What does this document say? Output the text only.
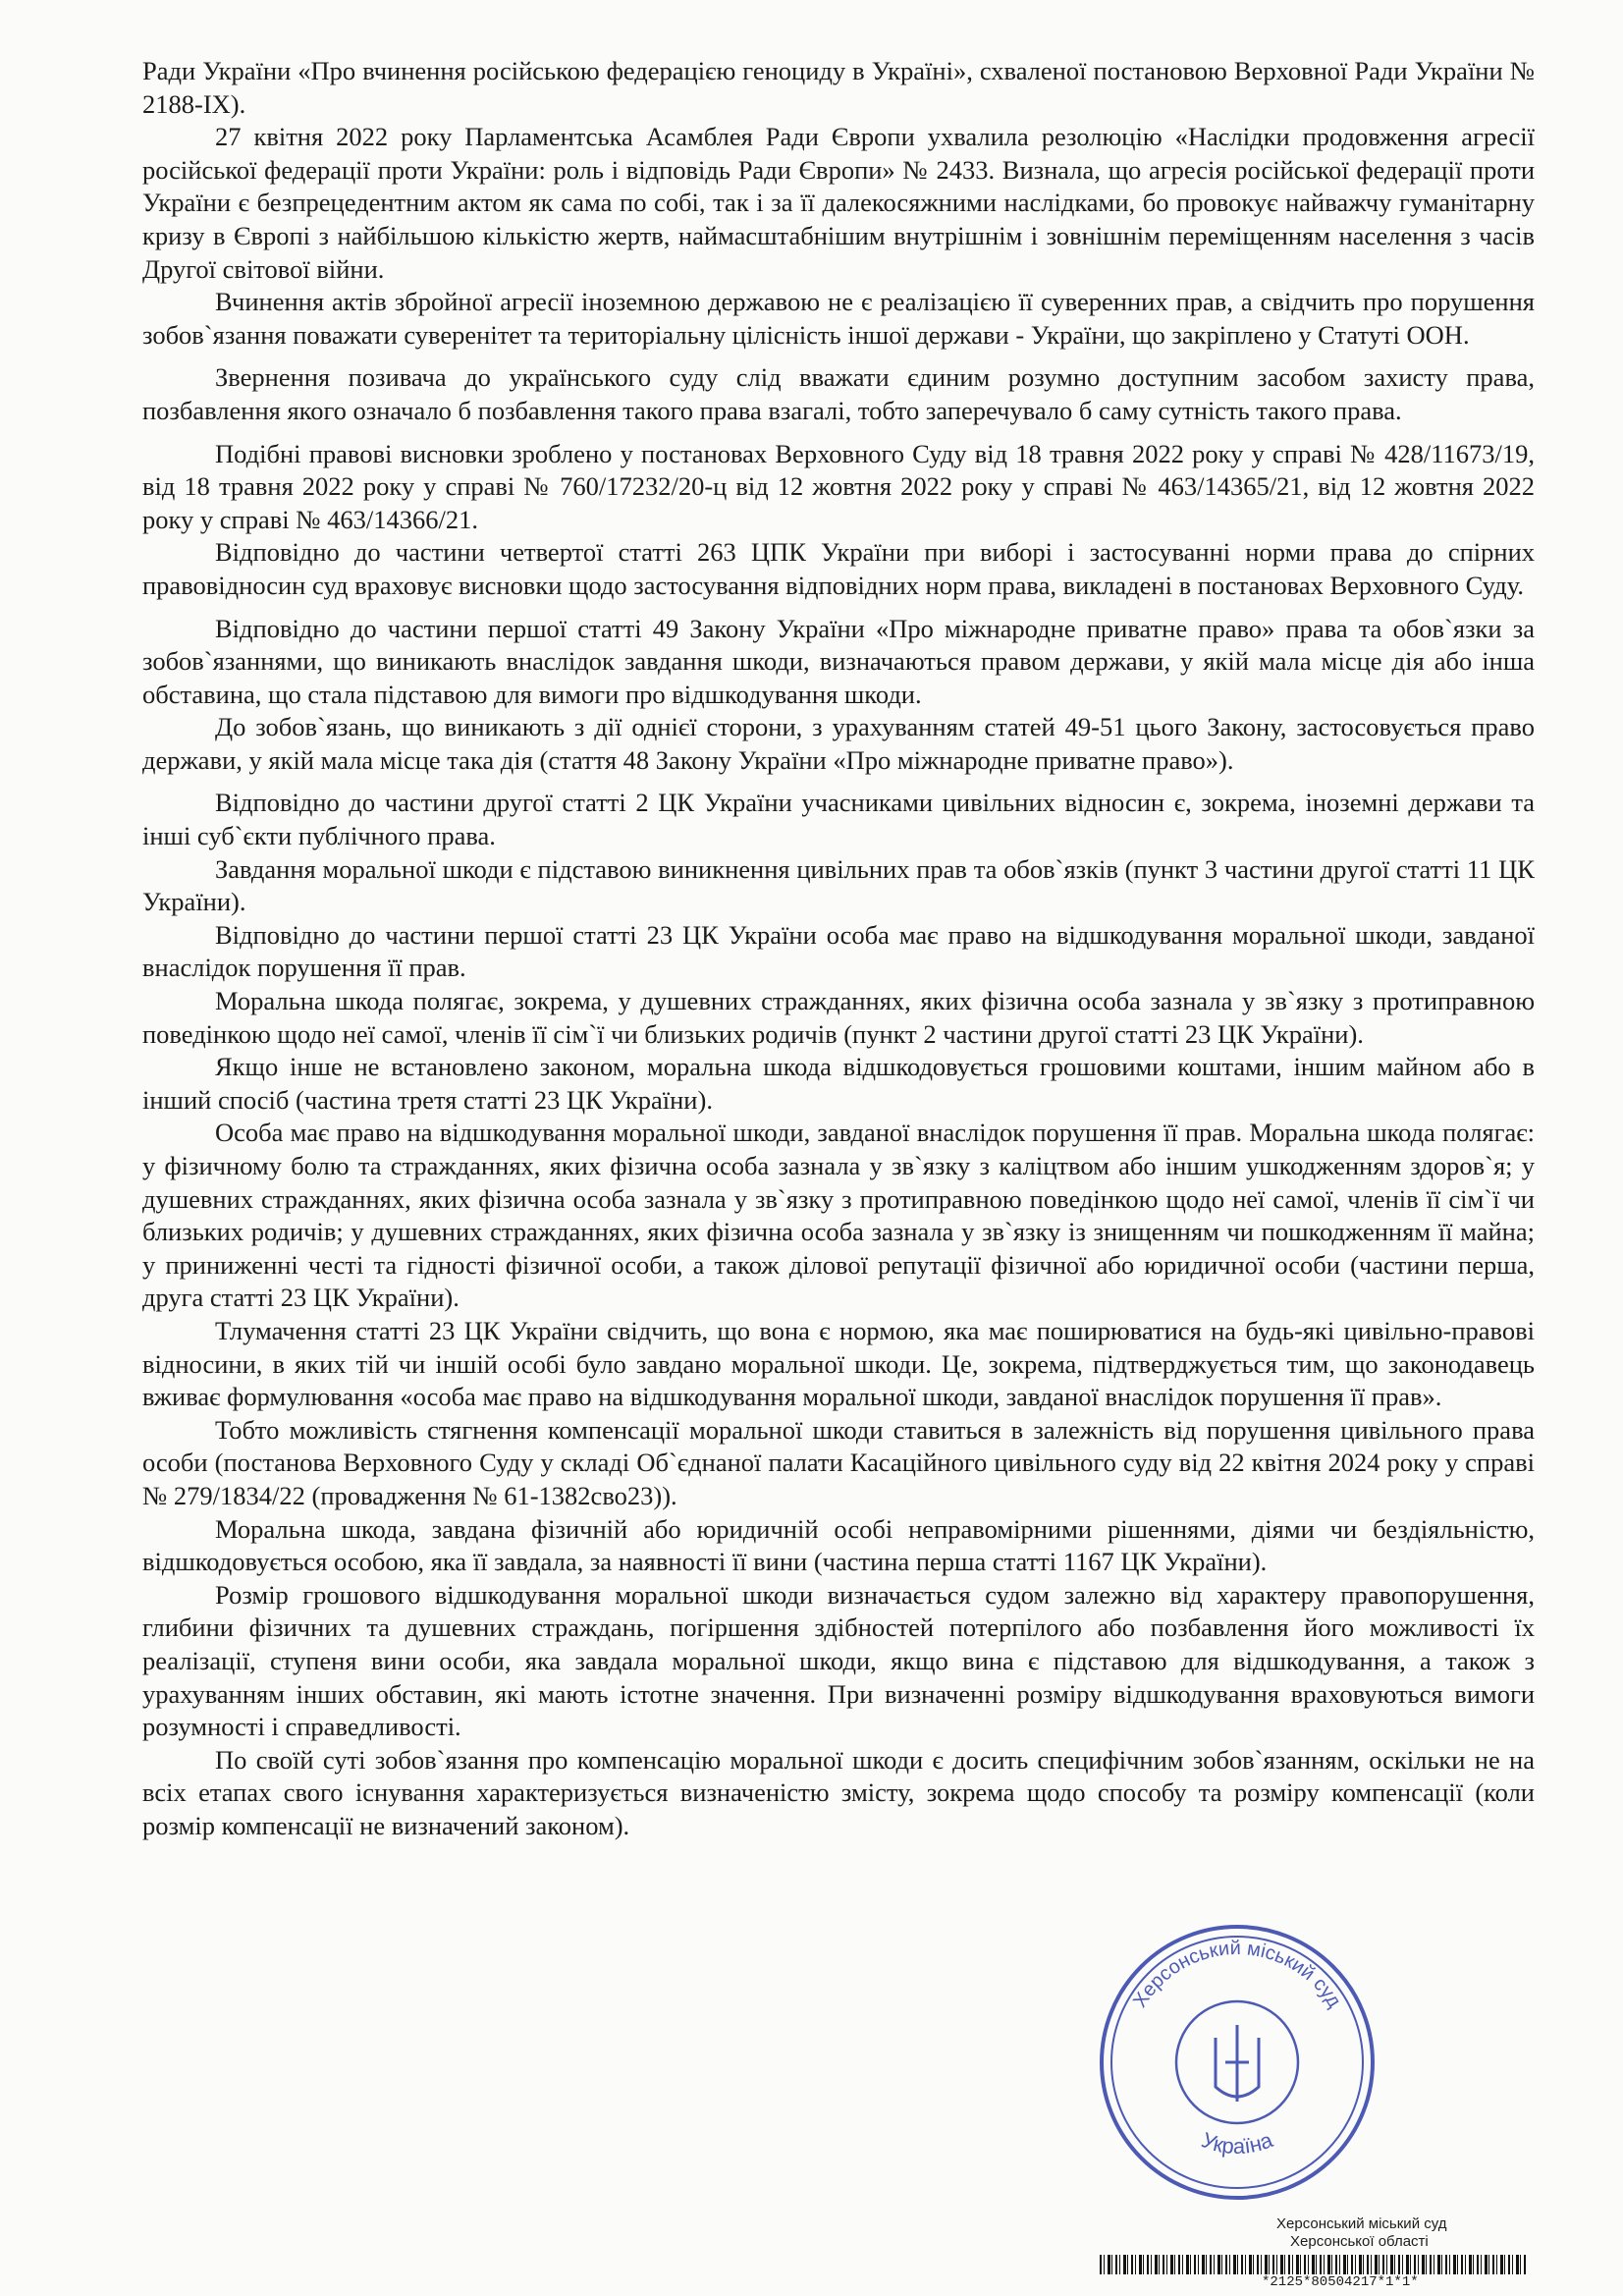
Ради України «Про вчинення російською федерацією геноциду в Україні», схваленої постановою Верховної Ради України № 2188-IX).

27 квітня 2022 року Парламентська Асамблея Ради Європи ухвалила резолюцію «Наслідки продовження агресії російської федерації проти України: роль і відповідь Ради Європи» № 2433. Визнала, що агресія російської федерації проти України є безпрецедентним актом як сама по собі, так і за її далекосяжними наслідками, бо провокує найважчу гуманітарну кризу в Європі з найбільшою кількістю жертв, наймасштабнішим внутрішнім і зовнішнім переміщенням населення з часів Другої світової війни.

Вчинення актів збройної агресії іноземною державою не є реалізацією її суверенних прав, а свідчить про порушення зобов`язання поважати суверенітет та територіальну цілісність іншої держави - України, що закріплено у Статуті ООН.

Звернення позивача до українського суду слід вважати єдиним розумно доступним засобом захисту права, позбавлення якого означало б позбавлення такого права взагалі, тобто заперечувало б саму сутність такого права.

Подібні правові висновки зроблено у постановах Верховного Суду від 18 травня 2022 року у справі № 428/11673/19, від 18 травня 2022 року у справі № 760/17232/20-ц від 12 жовтня 2022 року у справі № 463/14365/21, від 12 жовтня 2022 року у справі № 463/14366/21.

Відповідно до частини четвертої статті 263 ЦПК України при виборі і застосуванні норми права до спірних правовідносин суд враховує висновки щодо застосування відповідних норм права, викладені в постановах Верховного Суду.

Відповідно до частини першої статті 49 Закону України «Про міжнародне приватне право» права та обов`язки за зобов`язаннями, що виникають внаслідок завдання шкоди, визначаються правом держави, у якій мала місце дія або інша обставина, що стала підставою для вимоги про відшкодування шкоди.

До зобов`язань, що виникають з дії однієї сторони, з урахуванням статей 49-51 цього Закону, застосовується право держави, у якій мала місце така дія (стаття 48 Закону України «Про міжнародне приватне право»).

Відповідно до частини другої статті 2 ЦК України учасниками цивільних відносин є, зокрема, іноземні держави та інші суб`єкти публічного права.

Завдання моральної шкоди є підставою виникнення цивільних прав та обов`язків (пункт 3 частини другої статті 11 ЦК України).

Відповідно до частини першої статті 23 ЦК України особа має право на відшкодування моральної шкоди, завданої внаслідок порушення її прав.

Моральна шкода полягає, зокрема, у душевних стражданнях, яких фізична особа зазнала у зв`язку з протиправною поведінкою щодо неї самої, членів її сім`ї чи близьких родичів (пункт 2 частини другої статті 23 ЦК України).

Якщо інше не встановлено законом, моральна шкода відшкодовується грошовими коштами, іншим майном або в інший спосіб (частина третя статті 23 ЦК України).

Особа має право на відшкодування моральної шкоди, завданої внаслідок порушення її прав. Моральна шкода полягає: у фізичному болю та стражданнях, яких фізична особа зазнала у зв`язку з каліцтвом або іншим ушкодженням здоров`я; у душевних стражданнях, яких фізична особа зазнала у зв`язку з протиправною поведінкою щодо неї самої, членів її сім`ї чи близьких родичів; у душевних стражданнях, яких фізична особа зазнала у зв`язку із знищенням чи пошкодженням її майна; у приниженні честі та гідності фізичної особи, а також ділової репутації фізичної або юридичної особи (частини перша, друга статті 23 ЦК України).

Тлумачення статті 23 ЦК України свідчить, що вона є нормою, яка має поширюватися на будь-які цивільно-правові відносини, в яких тій чи іншій особі було завдано моральної шкоди. Це, зокрема, підтверджується тим, що законодавець вживає формулювання «особа має право на відшкодування моральної шкоди, завданої внаслідок порушення її прав».

Тобто можливість стягнення компенсації моральної шкоди ставиться в залежність від порушення цивільного права особи (постанова Верховного Суду у складі Об`єднаної палати Касаційного цивільного суду від 22 квітня 2024 року у справі № 279/1834/22 (провадження № 61-1382сво23)).

Моральна шкода, завдана фізичній або юридичній особі неправомірними рішеннями, діями чи бездіяльністю, відшкодовується особою, яка її завдала, за наявності її вини (частина перша статті 1167 ЦК України).

Розмір грошового відшкодування моральної шкоди визначається судом залежно від характеру правопорушення, глибини фізичних та душевних страждань, погіршення здібностей потерпілого або позбавлення його можливості їх реалізації, ступеня вини особи, яка завдала моральної шкоди, якщо вина є підставою для відшкодування, а також з урахуванням інших обставин, які мають істотне значення. При визначенні розміру відшкодування враховуються вимоги розумності і справедливості.

По своїй суті зобов`язання про компенсацію моральної шкоди є досить специфічним зобов`язанням, оскільки не на всіх етапах свого існування характеризується визначеністю змісту, зокрема щодо способу та розміру компенсації (коли розмір компенсації не визначений законом).

Херсонський міський суд
Україна
Херсонський міський суд
Херсонської області
*2125*80504217*1*1*
